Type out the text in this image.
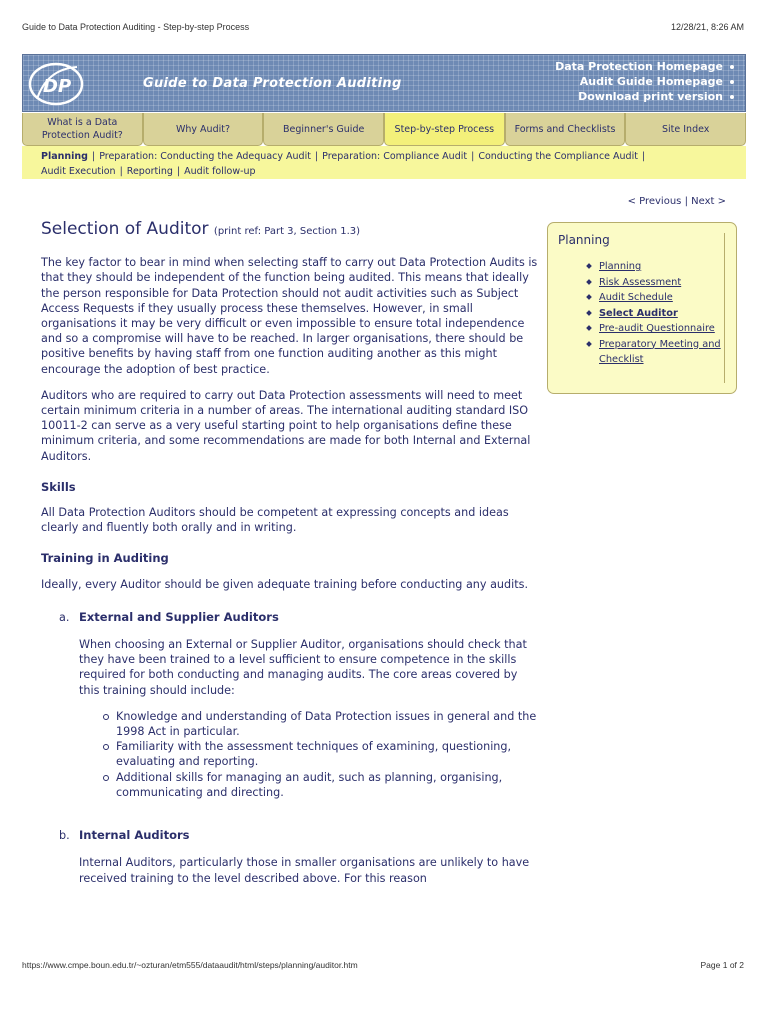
Guide to Data Protection Auditing - Step-by-step Process	12/28/21, 8:26 AM
DP	Guide to Data Protection Auditing
Data Protection Homepage
Audit Guide Homepage
Download print version
What is a Data Protection Audit?
Why Audit?	Beginner's Guide	Step-by-step Process	Forms and Checklists	Site Index
Planning | Preparation: Conducting the Adequacy Audit | Preparation: Compliance Audit | Conducting the Compliance Audit |
Audit Execution | Reporting | Audit follow-up
< Previous | Next >
Selection of Auditor (print ref: Part 3, Section 1.3)

The key factor to bear in mind when selecting staff to carry out Data Protection Audits is that they should be independent of the function being audited. This means that ideally the person responsible for Data Protection should not audit activities such as Subject Access Requests if they usually process these themselves. However, in small organisations it may be very difficult or even impossible to ensure total independence and so a compromise will have to be reached. In larger organisations, there should be positive benefits by having staff from one function auditing another as this might encourage the adoption of best practice.

Auditors who are required to carry out Data Protection assessments will need to meet certain minimum criteria in a number of areas. The international auditing standard ISO 10011-2 can serve as a very useful starting point to help organisations define these minimum criteria, and some recommendations are made for both Internal and External Auditors.

Skills

All Data Protection Auditors should be competent at expressing concepts and ideas clearly and fluently both orally and in writing.

Training in Auditing

Ideally, every Auditor should be given adequate training before conducting any audits.

a. External and Supplier Auditors

When choosing an External or Supplier Auditor, organisations should check that they have been trained to a level sufficient to ensure competence in the skills required for both conducting and managing audits. The core areas covered by this training should include:

Knowledge and understanding of Data Protection issues in general and the 1998 Act in particular.
Familiarity with the assessment techniques of examining, questioning, evaluating and reporting.
Additional skills for managing an audit, such as planning, organising, communicating and directing.
b. Internal Auditors

Internal Auditors, particularly those in smaller organisations are unlikely to have received training to the level described above. For this reason

Planning
Planning
Risk Assessment
Audit Schedule
Select Auditor
Pre-audit Questionnaire
Preparatory Meeting and Checklist
https://www.cmpe.boun.edu.tr/~ozturan/etm555/dataaudit/html/steps/planning/auditor.htm	Page 1 of 2
